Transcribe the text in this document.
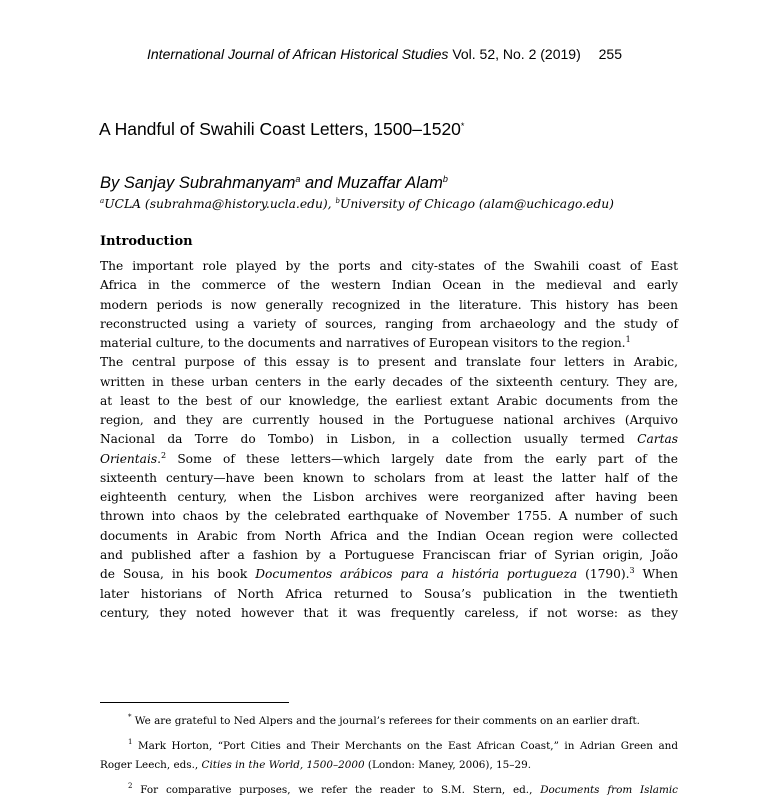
International Journal of African Historical Studies Vol. 52, No. 2 (2019) 255
A Handful of Swahili Coast Letters, 1500–1520*
By Sanjay Subrahmanyam$^a$ and Muzaffar Alam$^b$
$^a$UCLA (subrahma@history.ucla.edu), $^b$University of Chicago (alam@uchicago.edu)
Introduction
The important role played by the ports and city-states of the Swahili coast of East
Africa in the commerce of the western Indian Ocean in the medieval and early
modern periods is now generally recognized in the literature. This history has been
reconstructed using a variety of sources, ranging from archaeology and the study of
material culture, to the documents and narratives of European visitors to the region.$^1$
The central purpose of this essay is to present and translate four letters in Arabic,
written in these urban centers in the early decades of the sixteenth century. They are,
at least to the best of our knowledge, the earliest extant Arabic documents from the
region, and they are currently housed in the Portuguese national archives (Arquivo
Nacional da Torre do Tombo) in Lisbon, in a collection usually termed Cartas
Orientais.$^2$ Some of these letters—which largely date from the early part of the
sixteenth century—have been known to scholars from at least the latter half of the
eighteenth century, when the Lisbon archives were reorganized after having been
thrown into chaos by the celebrated earthquake of November 1755. A number of such
documents in Arabic from North Africa and the Indian Ocean region were collected
and published after a fashion by a Portuguese Franciscan friar of Syrian origin, João
de Sousa, in his book Documentos arábicos para a história portugueza (1790).$^3$ When
later historians of North Africa returned to Sousa’s publication in the twentieth
century, they noted however that it was frequently careless, if not worse: as they
* We are grateful to Ned Alpers and the journal’s referees for their comments on an earlier draft.
$^1$ Mark Horton, “Port Cities and Their Merchants on the East African Coast,” in Adrian Green and
Roger Leech, eds., Cities in the World, 1500–2000 (London: Maney, 2006), 15–29.
$^2$ For comparative purposes, we refer the reader to S.M. Stern, ed., Documents from Islamic
